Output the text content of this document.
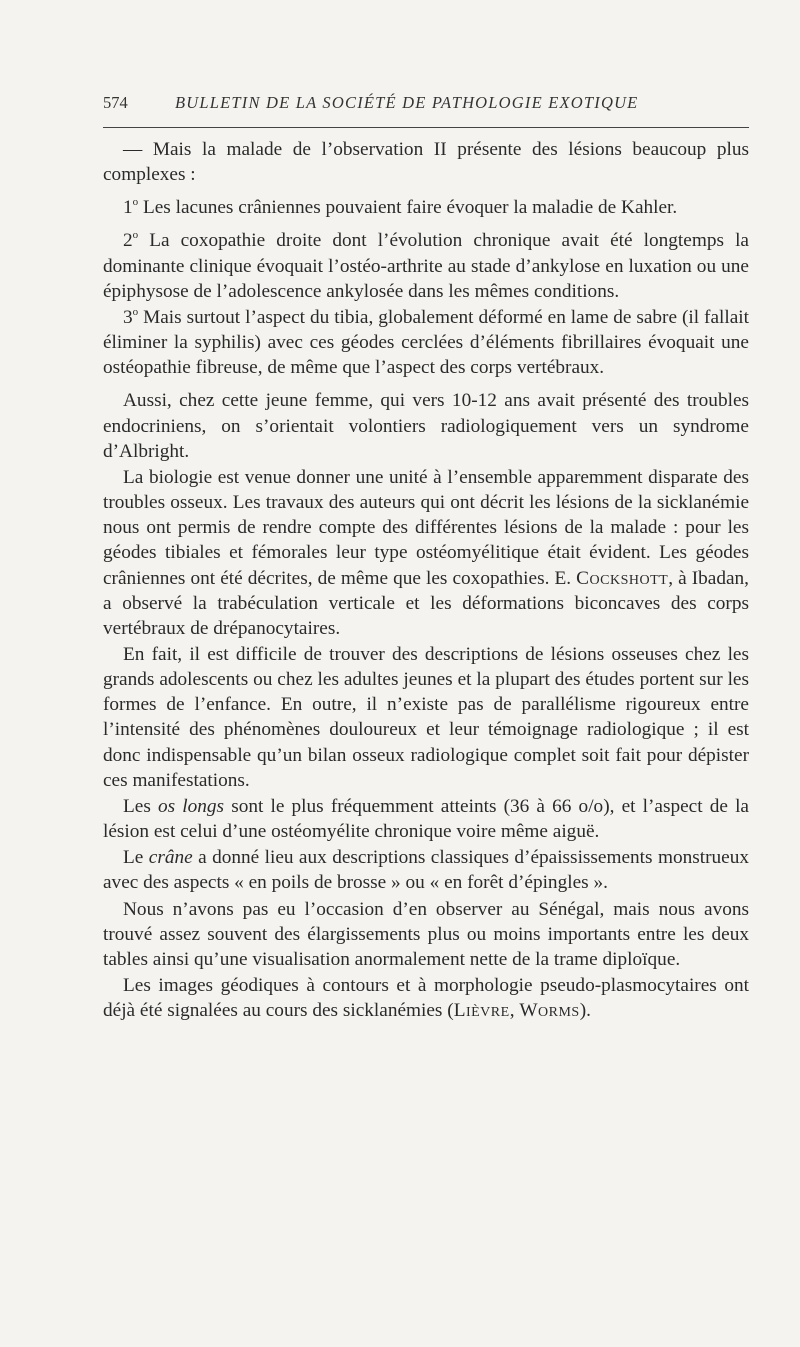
574	BULLETIN DE LA SOCIÉTÉ DE PATHOLOGIE EXOTIQUE

— Mais la malade de l’observation II présente des lésions beaucoup plus complexes :

1$^o$ Les lacunes crâniennes pouvaient faire évoquer la maladie de Kahler.

2$^o$ La coxopathie droite dont l’évolution chronique avait été longtemps la dominante clinique évoquait l’ostéo-arthrite au stade d’ankylose en luxation ou une épiphysose de l’adolescence ankylosée dans les mêmes conditions.

3$^o$ Mais surtout l’aspect du tibia, globalement déformé en lame de sabre (il fallait éliminer la syphilis) avec ces géodes cerclées d’éléments fibrillaires évoquait une ostéopathie fibreuse, de même que l’aspect des corps vertébraux.

Aussi, chez cette jeune femme, qui vers 10-12 ans avait présenté des troubles endocriniens, on s’orientait volontiers radiologiquement vers un syndrome d’Albright.

La biologie est venue donner une unité à l’ensemble apparemment disparate des troubles osseux. Les travaux des auteurs qui ont décrit les lésions de la sicklanémie nous ont permis de rendre compte des différentes lésions de la malade : pour les géodes tibiales et fémorales leur type ostéomyélitique était évident. Les géodes crâniennes ont été décrites, de même que les coxopathies. E. Cockshott, à Ibadan, a observé la trabéculation verticale et les déformations biconcaves des corps vertébraux de drépanocytaires.

En fait, il est difficile de trouver des descriptions de lésions osseuses chez les grands adolescents ou chez les adultes jeunes et la plupart des études portent sur les formes de l’enfance. En outre, il n’existe pas de parallélisme rigoureux entre l’intensité des phénomènes douloureux et leur témoignage radiologique ; il est donc indispensable qu’un bilan osseux radiologique complet soit fait pour dépister ces manifestations.

Les os longs sont le plus fréquemment atteints (36 à 66 o/o), et l’aspect de la lésion est celui d’une ostéomyélite chronique voire même aiguë.

Le crâne a donné lieu aux descriptions classiques d’épaississements monstrueux avec des aspects « en poils de brosse » ou « en forêt d’épingles ».

Nous n’avons pas eu l’occasion d’en observer au Sénégal, mais nous avons trouvé assez souvent des élargissements plus ou moins importants entre les deux tables ainsi qu’une visualisation anormalement nette de la trame diploïque.

Les images géodiques à contours et à morphologie pseudo-plasmocytaires ont déjà été signalées au cours des sicklanémies (Lièvre, Worms).
